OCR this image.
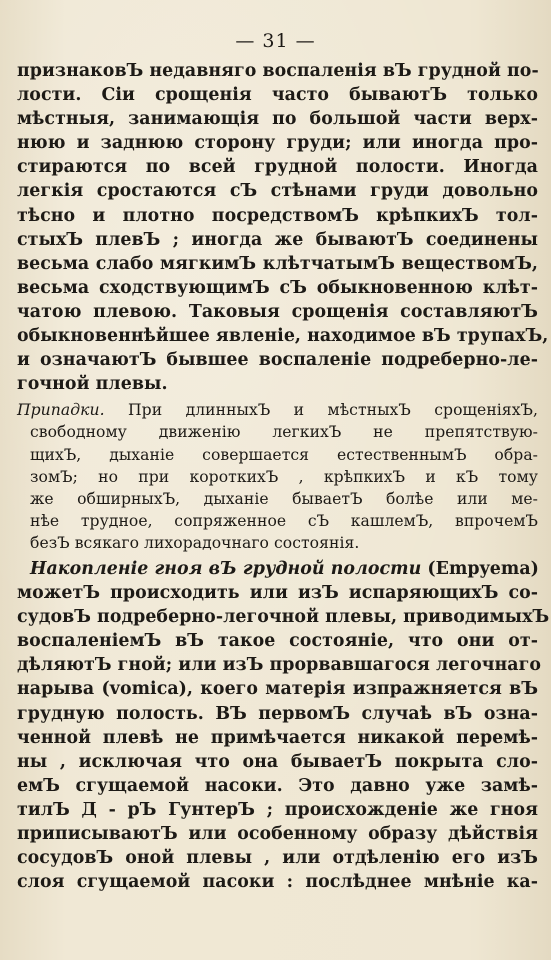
— 31 —
признаковЪ недавняго воспаленія вЪ грудной по-
лости. Сіи срощенія часто бываютЪ только
мѣстныя, занимающія по большой части верх-
нюю и заднюю сторону груди; или иногда про-
стираются по всей грудной полости. Иногда
легкія сростаются сЪ стѣнами груди довольно
тѣсно и плотно посредствомЪ крѣпкихЪ тол-
стыхЪ плевЪ ; иногда же бываютЪ соединены
весьма слабо мягкимЪ клѣтчатымЪ веществомЪ,
весьма сходствующимЪ сЪ обыкновенною клѣт-
чатою плевою. Таковыя срощенія составляютЪ
обыкновеннѣйшее явленіе, находимое вЪ трупахЪ,
и означаютЪ бывшее воспаленіе подреберно-ле-
гочной плевы.
Припадки. При длинныхЪ и мѣстныхЪ срощеніяхЪ,
свободному движенію легкихЪ не препятствую-
щихЪ, дыханіе совершается естественнымЪ обра-
зомЪ; но при короткихЪ , крѣпкихЪ и кЪ тому
же обширныхЪ, дыханіе бываетЪ болѣе или ме-
нѣе трудное, сопряженное сЪ кашлемЪ, впрочемЪ
безЪ всякаго лихорадочнаго состоянія.
Накопленіе гноя вЪ грудной полости (Empyema)
можетЪ происходить или изЪ испаряющихЪ со-
судовЪ подреберно-легочной плевы, приводимыхЪ
воспаленіемЪ вЪ такое состояніе, что они от-
дѣляютЪ гной; или изЪ прорвавшагося легочнаго
нарыва (vomica), коего матерія изпражняется вЪ
грудную полость. ВЪ первомЪ случаѣ вЪ озна-
ченной плевѣ не примѣчается никакой перемѣ-
ны , исключая что она бываетЪ покрыта сло-
емЪ сгущаемой насоки. Это давно уже замѣ-
тилЪ Д - рЪ ГунтерЪ ; происхожденіе же гноя
приписываютЪ или особенному образу дѣйствія
сосудовЪ оной плевы , или отдѣленію его изЪ
слоя сгущаемой пасоки : послѣднее мнѣніе ка-
